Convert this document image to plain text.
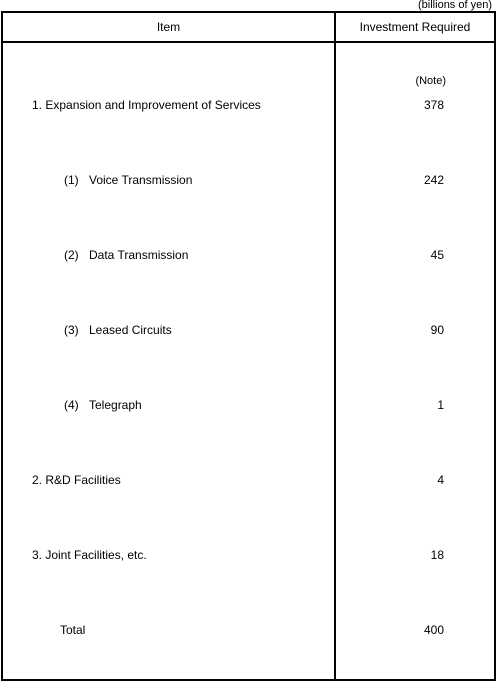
(billions of yen)
Item	Investment Required
(Note)
1. Expansion and Improvement of Services	378
(1) Voice Transmission	242
(2) Data Transmission	45
(3) Leased Circuits	90
(4) Telegraph	1
2. R&D Facilities	4
3. Joint Facilities, etc.	18
Total	400
